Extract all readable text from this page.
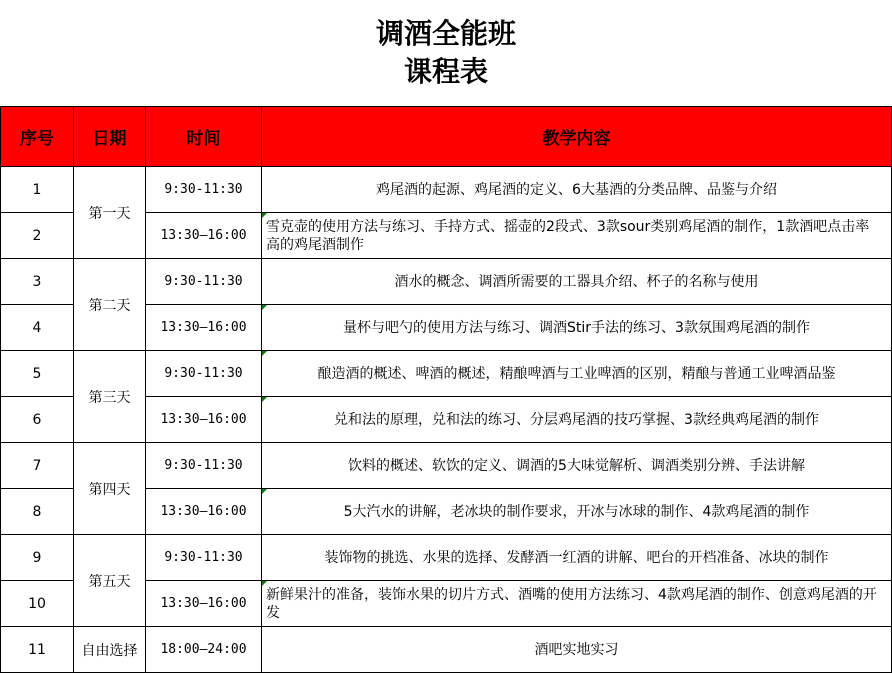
调酒全能班
课程表
序号	日期	时间	教学内容
1	第一天	9:30-11:30	鸡尾酒的起源、鸡尾酒的定义、6大基酒的分类品牌、品鉴与介绍
2		13:30—16:00	雪克壶的使用方法与练习、手持方式、摇壶的2段式、3款sour类别鸡尾酒的制作，1款酒吧点击率 高的鸡尾酒制作
3	第二天	9:30-11:30	酒水的概念、调酒所需要的工器具介绍、杯子的名称与使用
4		13:30—16:00	量杯与吧勺的使用方法与练习、调酒Stir手法的练习、3款氛围鸡尾酒的制作
5	第三天	9:30-11:30	酿造酒的概述、啤酒的概述，精酿啤酒与工业啤酒的区别，精酿与普通工业啤酒品鉴
6		13:30—16:00	兑和法的原理，兑和法的练习、分层鸡尾酒的技巧掌握、3款经典鸡尾酒的制作
7	第四天	9:30-11:30	饮料的概述、软饮的定义、调酒的5大味觉解析、调酒类别分辨、手法讲解
8		13:30—16:00	5大汽水的讲解，老冰块的制作要求，开冰与冰球的制作、4款鸡尾酒的制作
9	第五天	9:30-11:30	装饰物的挑选、水果的选择、发酵酒一红酒的讲解、吧台的开档准备、冰块的制作
10		13:30—16:00	新鲜果汁的准备，装饰水果的切片方式、酒嘴的使用方法练习、4款鸡尾酒的制作、创意鸡尾酒的开发
11	自由选择	18:00—24:00	酒吧实地实习
